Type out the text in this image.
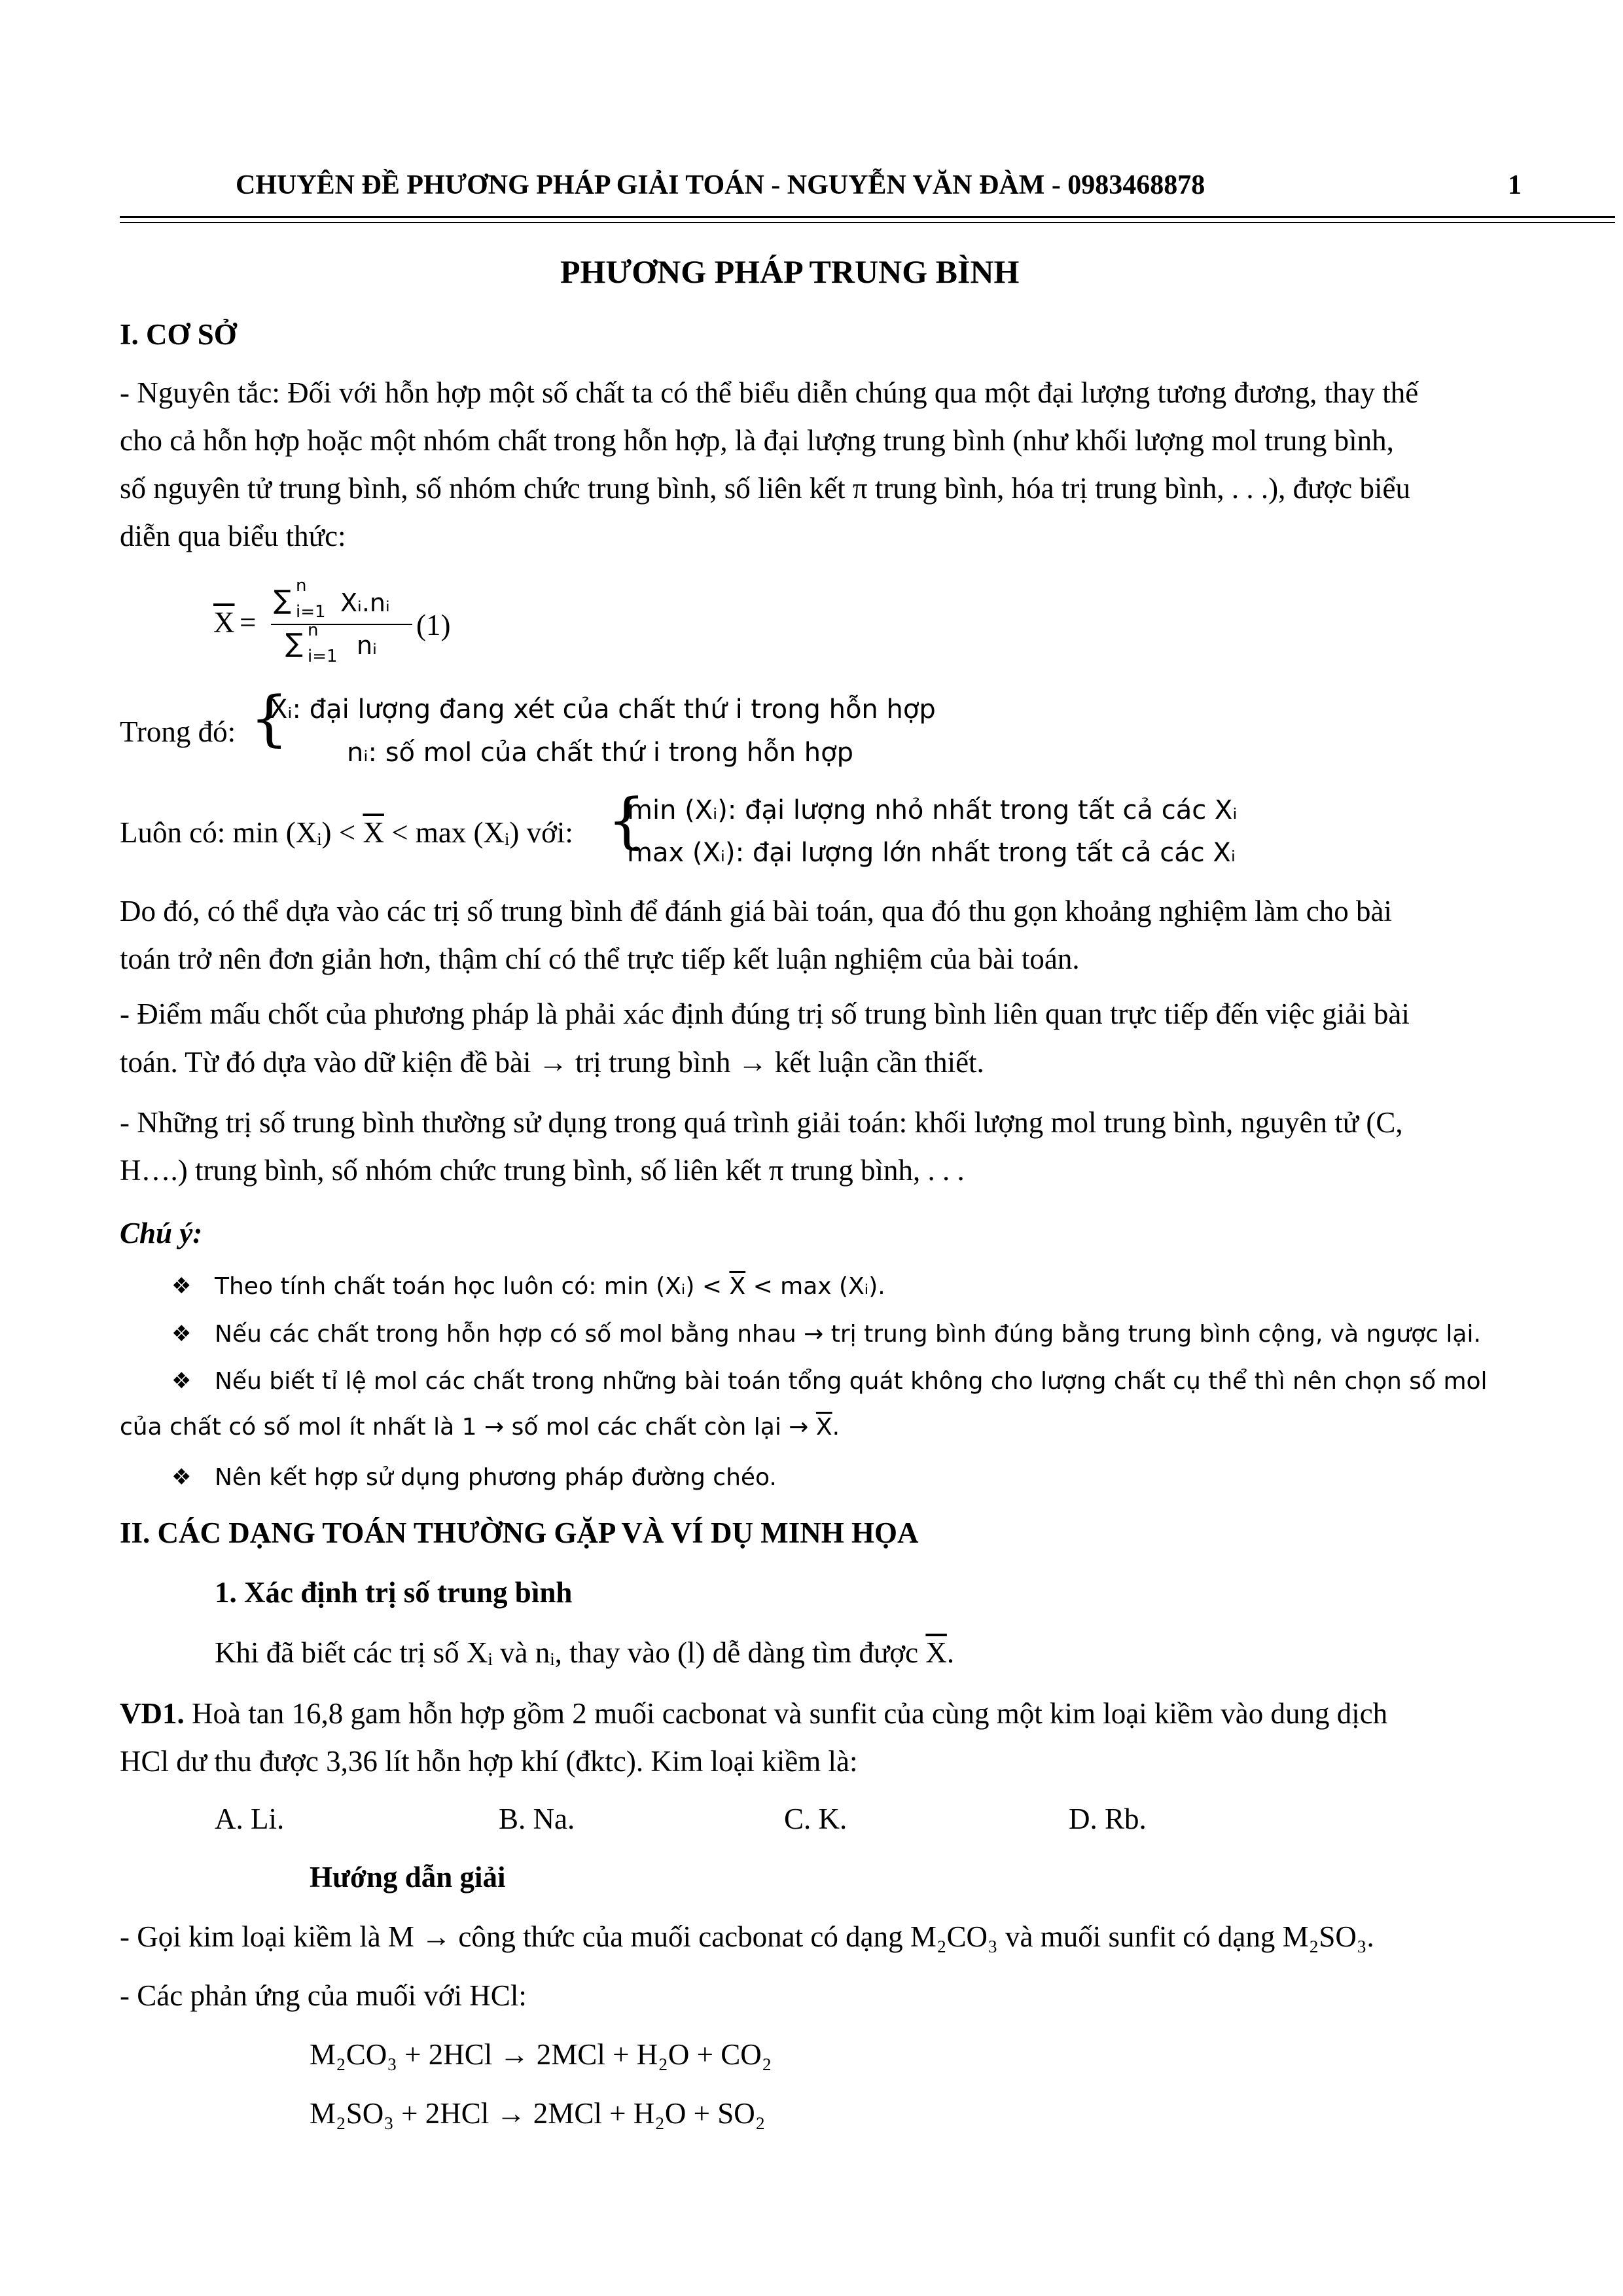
CHUYÊN ĐỀ PHƯƠNG PHÁP GIẢI TOÁN - NGUYỄN VĂN ĐÀM - 0983468878	1
PHƯƠNG PHÁP TRUNG BÌNH
I. CƠ SỞ
- Nguyên tắc: Đối với hỗn hợp một số chất ta có thể biểu diễn chúng qua một đại lượng tương đương, thay thế
cho cả hỗn hợp hoặc một nhóm chất trong hỗn hợp, là đại lượng trung bình (như khối lượng mol trung bình,
số nguyên tử trung bình, số nhóm chức trung bình, số liên kết π trung bình, hóa trị trung bình, . . .), được biểu
diễn qua biểu thức:
$\overline{X}$ =
∑ n
i=1 Xᵢ.nᵢ
∑ n
i=1 nᵢ
(1)
Trong đó: {
Xᵢ: đại lượng đang xét của chất thứ i trong hỗn hợp
nᵢ: số mol của chất thứ i trong hỗn hợp
Luôn có: min (Xᵢ) < $\overline{X} < \max$ (Xᵢ) với: {
min (Xᵢ): đại lượng nhỏ nhất trong tất cả các Xᵢ
max (Xᵢ): đại lượng lớn nhất trong tất cả các Xᵢ
Do đó, có thể dựa vào các trị số trung bình để đánh giá bài toán, qua đó thu gọn khoảng nghiệm làm cho bài
toán trở nên đơn giản hơn, thậm chí có thể trực tiếp kết luận nghiệm của bài toán.
- Điểm mấu chốt của phương pháp là phải xác định đúng trị số trung bình liên quan trực tiếp đến việc giải bài
toán. Từ đó dựa vào dữ kiện đề bài → trị trung bình → kết luận cần thiết.
- Những trị số trung bình thường sử dụng trong quá trình giải toán: khối lượng mol trung bình, nguyên tử (C,
H….) trung bình, số nhóm chức trung bình, số liên kết π trung bình, . . .
Chú ý:
❖ Theo tính chất toán học luôn có: min (Xᵢ) < $\overline{X} < \max$ (Xᵢ).
❖ Nếu các chất trong hỗn hợp có số mol bằng nhau → trị trung bình đúng bằng trung bình cộng, và ngược lại.
❖ Nếu biết tỉ lệ mol các chất trong những bài toán tổng quát không cho lượng chất cụ thể thì nên chọn số mol
của chất có số mol ít nhất là 1 → số mol các chất còn lại → $\overline{X}$.
❖ Nên kết hợp sử dụng phương pháp đường chéo.
II. CÁC DẠNG TOÁN THƯỜNG GẶP VÀ VÍ DỤ MINH HỌA
1. Xác định trị số trung bình
Khi đã biết các trị số Xᵢ và nᵢ, thay vào (l) dễ dàng tìm được $\overline{X}$.
VD1. Hoà tan 16,8 gam hỗn hợp gồm 2 muối cacbonat và sunfit của cùng một kim loại kiềm vào dung dịch
HCl dư thu được 3,36 lít hỗn hợp khí (đktc). Kim loại kiềm là:
A. Li.	B. Na.	C. K.	D. Rb.
Hướng dẫn giải
- Gọi kim loại kiềm là M → công thức của muối cacbonat có dạng M₂CO₃ và muối sunfit có dạng M₂SO₃.
- Các phản ứng của muối với HCl:
M₂CO₃ + 2HCl → 2MCl + H₂O + CO₂
M₂SO₃ + 2HCl → 2MCl + H₂O + SO₂
